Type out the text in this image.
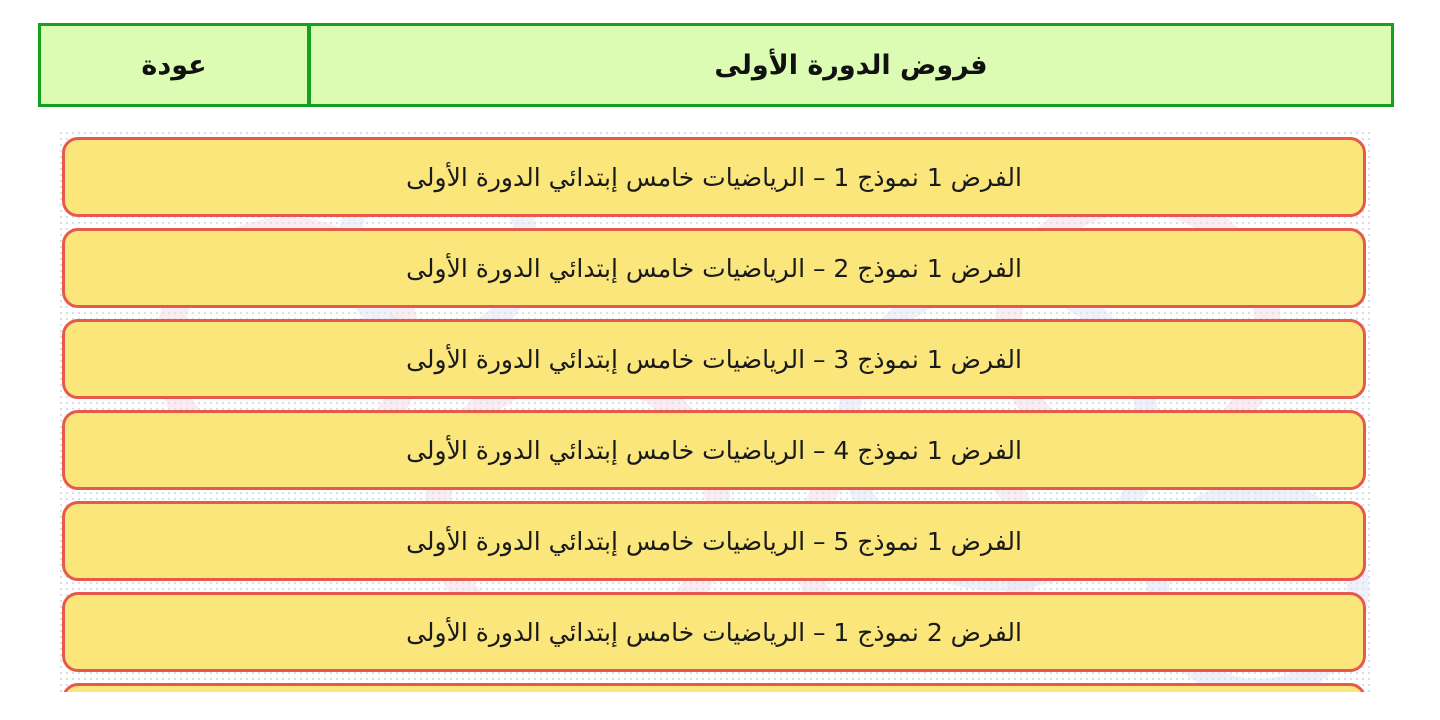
عودة	فروض الدورة الأولى
الفرض 1 نموذج 1 – الرياضيات خامس إبتدائي الدورة الأولى
الفرض 1 نموذج 2 – الرياضيات خامس إبتدائي الدورة الأولى
الفرض 1 نموذج 3 – الرياضيات خامس إبتدائي الدورة الأولى
الفرض 1 نموذج 4 – الرياضيات خامس إبتدائي الدورة الأولى
الفرض 1 نموذج 5 – الرياضيات خامس إبتدائي الدورة الأولى
الفرض 2 نموذج 1 – الرياضيات خامس إبتدائي الدورة الأولى
